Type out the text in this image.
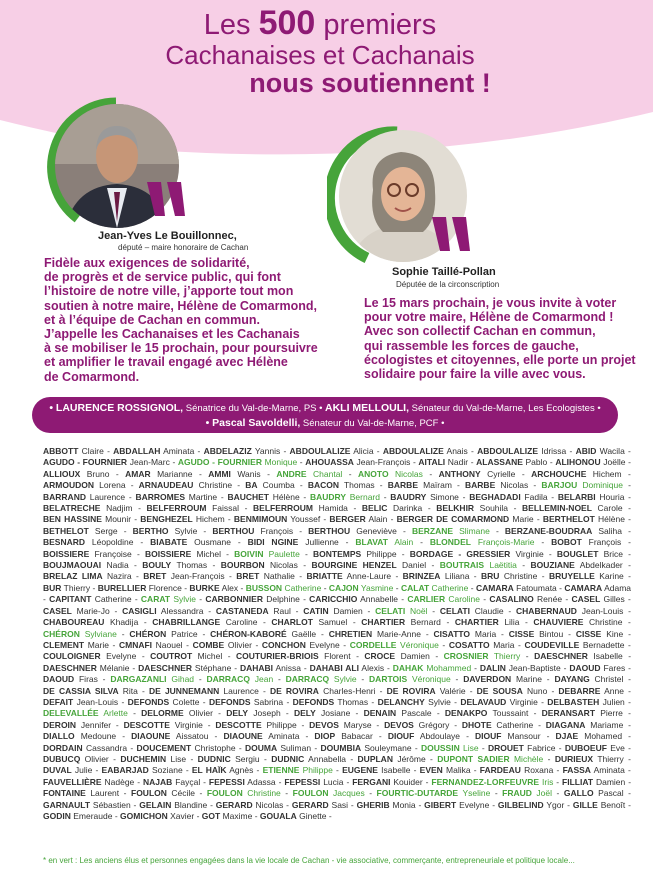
Les 500 premiers
Cachanaises et Cachanais
nous soutiennent !
Jean-Yves Le Bouillonnec,
député – maire honoraire de Cachan
Fidèle aux exigences de solidarité,
de progrès et de service public, qui font
l’histoire de notre ville, j’apporte tout mon
soutien à notre maire, Hélène de Comarmond,
et à l’équipe de Cachan en commun.
J’appelle les Cachanaises et les Cachanais
à se mobiliser le 15 prochain, pour poursuivre
et amplifier le travail engagé avec Hélène
de Comarmond.
Sophie Taillé-Pollan
Députée de la circonscription
Le 15 mars prochain, je vous invite à voter
pour votre maire, Hélène de Comarmond !
Avec son collectif Cachan en commun,
qui rassemble les forces de gauche,
écologistes et citoyennes, elle porte un projet
solidaire pour faire la ville avec vous.
• LAURENCE ROSSIGNOL, Sénatrice du Val-de-Marne, PS • AKLI MELLOULI, Sénateur du Val-de-Marne, Les Ecologistes •
• Pascal Savoldelli, Sénateur du Val-de-Marne, PCF •
ABBOTT Claire - ABDALLAH Aminata - ABDELAZIZ Yannis - ABDOULALIZE Alicia - ABDOULALIZE Anais - ABDOULALIZE Idrissa - ABID Wacila - AGUDO - FOURNIER Jean-Marc - AGUDO - FOURNIER Monique - AHOUASSA Jean-François - AITALI Nadir - ALASSANE Pablo - ALIHONOU Joëlle - ALLIOUX Bruno - AMAR Marianne - AMMI Wanis - ANDRE Chantal - ANOTO Nicolas - ANTHONY Cyrielle - ARCHOUCHE Hichem - ARMOUDON Lorena - ARNAUDEAU Christine - BA Coumba - BACON Thomas - BARBE Maïram - BARBE Nicolas - BARJOU Dominique - BARRAND Laurence - BARROMES Martine - BAUCHET Hélène - BAUDRY Bernard - BAUDRY Simone - BEGHADADI Fadila - BELARBI Houria - BELATRECHE Nadjim - BELFERROUM Faissal - BELFERROUM Hamida - BELIC Darinka - BELKHIR Souhila - BELLEMIN-NOEL Carole - BEN HASSINE Mounir - BENGHEZEL Hichem - BENMIMOUN Youssef - BERGER Alain - BERGER DE COMARMOND Marie - BERTHELOT Hélène - BETHELOT Serge - BERTHO Sylvie - BERTHOU François - BERTHOU Geneviève - BERZANE Slimane - BERZANE-BOUDRAA Saliha - BESNARD Léopoldine - BIABATE Ousmane - BIDI NGINE Jullienne - BLAVAT Alain - BLONDEL François-Marie - BOBOT François - BOISSIERE Françoise - BOISSIERE Michel - BOIVIN Paulette - BONTEMPS Philippe - BORDAGE - GRESSIER Virginie - BOUGLET Brice - BOUJMAOUAI Nadia - BOULY Thomas - BOURBON Nicolas - BOURGINE HENZEL Daniel - BOUTRAIS Laëtitia - BOUZIANE Abdelkader - BRELAZ LIMA Nazira - BRET Jean-François - BRET Nathalie - BRIATTE Anne-Laure - BRINZEA Liliana - BRU Christine - BRUYELLE Karine - BUR Thierry - BURELLIER Florence - BURKE Alex - BUSSON Catherine - CAJON Yasmine - CALAT Catherine - CAMARA Fatoumata - CAMARA Adama - CAPITANT Catherine - CARAT Sylvie - CARBONNIER Delphine - CARICCHIO Annabelle - CARLIER Caroline - CASALINO Renée - CASEL Gilles - CASEL Marie-Jo - CASIGLI Alessandra - CASTANEDA Raul - CATIN Damien - CELATI Noël - CELATI Claudie - CHABERNAUD Jean-Louis - CHABOUREAU Khadija - CHABRILLANGE Caroline - CHARLOT Samuel - CHARTIER Bernard - CHARTIER Lilia - CHAUVIERE Christine - CHÉRON Sylviane - CHÉRON Patrice - CHÉRON-KABORÉ Gaëlle - CHRETIEN Marie-Anne - CISATTO Maria - CISSE Bintou - CISSE Kine - CLEMENT Marie - CMNAFI Naouel - COMBE Olivier - CONCHON Evelyne - CORDELLE Véronique - COSATTO Maria - COUDEVILLE Bernadette - COULOIGNER Evelyne - COUTROT Michel - COUTURIER-BRIOIS Florent - CROCE Damien - CROSNIER Thierry - DAESCHNER Isabelle - DAESCHNER Mélanie - DAESCHNER Stéphane - DAHABI Anissa - DAHABI ALI Alexis - DAHAK Mohammed - DALIN Jean-Baptiste - DAOUD Fares - DAOUD Firas - DARGAZANLI Gihad - DARRACQ Jean - DARRACQ Sylvie - DARTOIS Véronique - DAVERDON Marine - DAYANG Christel - DE CASSIA SILVA Rita - DE JUNNEMANN Laurence - DE ROVIRA Charles-Henri - DE ROVIRA Valérie - DE SOUSA Nuno - DEBARRE Anne - DEFAIT Jean-Louis - DEFONDS Colette - DEFONDS Sabrina - DEFONDS Thomas - DELANCHY Sylvie - DELAVAUD Virginie - DELBASTEH Julien - DELEVALLÉE Arlette - DELORME Olivier - DELY Joseph - DELY Josiane - DENAIN Pascale - DENAKPO Toussaint - DERANSART Pierre - DEROIN Jennifer - DESCOTTE Virginie - DESCOTTE Philippe - DEVOS Maryse - DEVOS Grégory - DHOTE Catherine - DIAGANA Mariame - DIALLO Medoune - DIAOUNE Aissatou - DIAOUNE Aminata - DIOP Babacar - DIOUF Abdoulaye - DIOUF Mansour - DJAE Mohamed - DORDAIN Cassandra - DOUCEMENT Christophe - DOUMA Suliman - DOUMBIA Souleymane - DOUSSIN Lise - DROUET Fabrice - DUBOEUF Eve - DUBUCQ Olivier - DUCHEMIN Lise - DUDNIC Sergiu - DUDNIC Annabella - DUPLAN Jérôme - DUPONT SADIER Michèle - DURIEUX Thierry - DUVAL Julie - EABARJAD Soziane - EL HAÏK Agnès - ETIENNE Philippe - EUGENE Isabelle - EVEN Malika - FARDEAU Roxana - FASSA Aminata - FAUVELLIÈRE Nadège - NAJAB Fayçal - FEPESSI Adassa - FEPESSI Lucia - FERGANI Kouider - FERNANDEZ-LORFEUVRE Iris - FILLIAT Damien - FONTAINE Laurent - FOULON Cécile - FOULON Christine - FOULON Jacques - FOURTIC-DUTARDE Yseline - FRAUD Joël - GALLO Pascal - GARNAULT Sébastien - GELAIN Blandine - GERARD Nicolas - GERARD Sasi - GHERIB Monia - GIBERT Evelyne - GILBELIND Ygor - GILLE Benoît - GODIN Emeraude - GOMICHON Xavier - GOT Maxime - GOUALA Ginette -
* en vert : Les anciens élus et personnes engagées dans la vie locale de Cachan - vie associative, commerçante, entrepreneuriale et politique locale...
